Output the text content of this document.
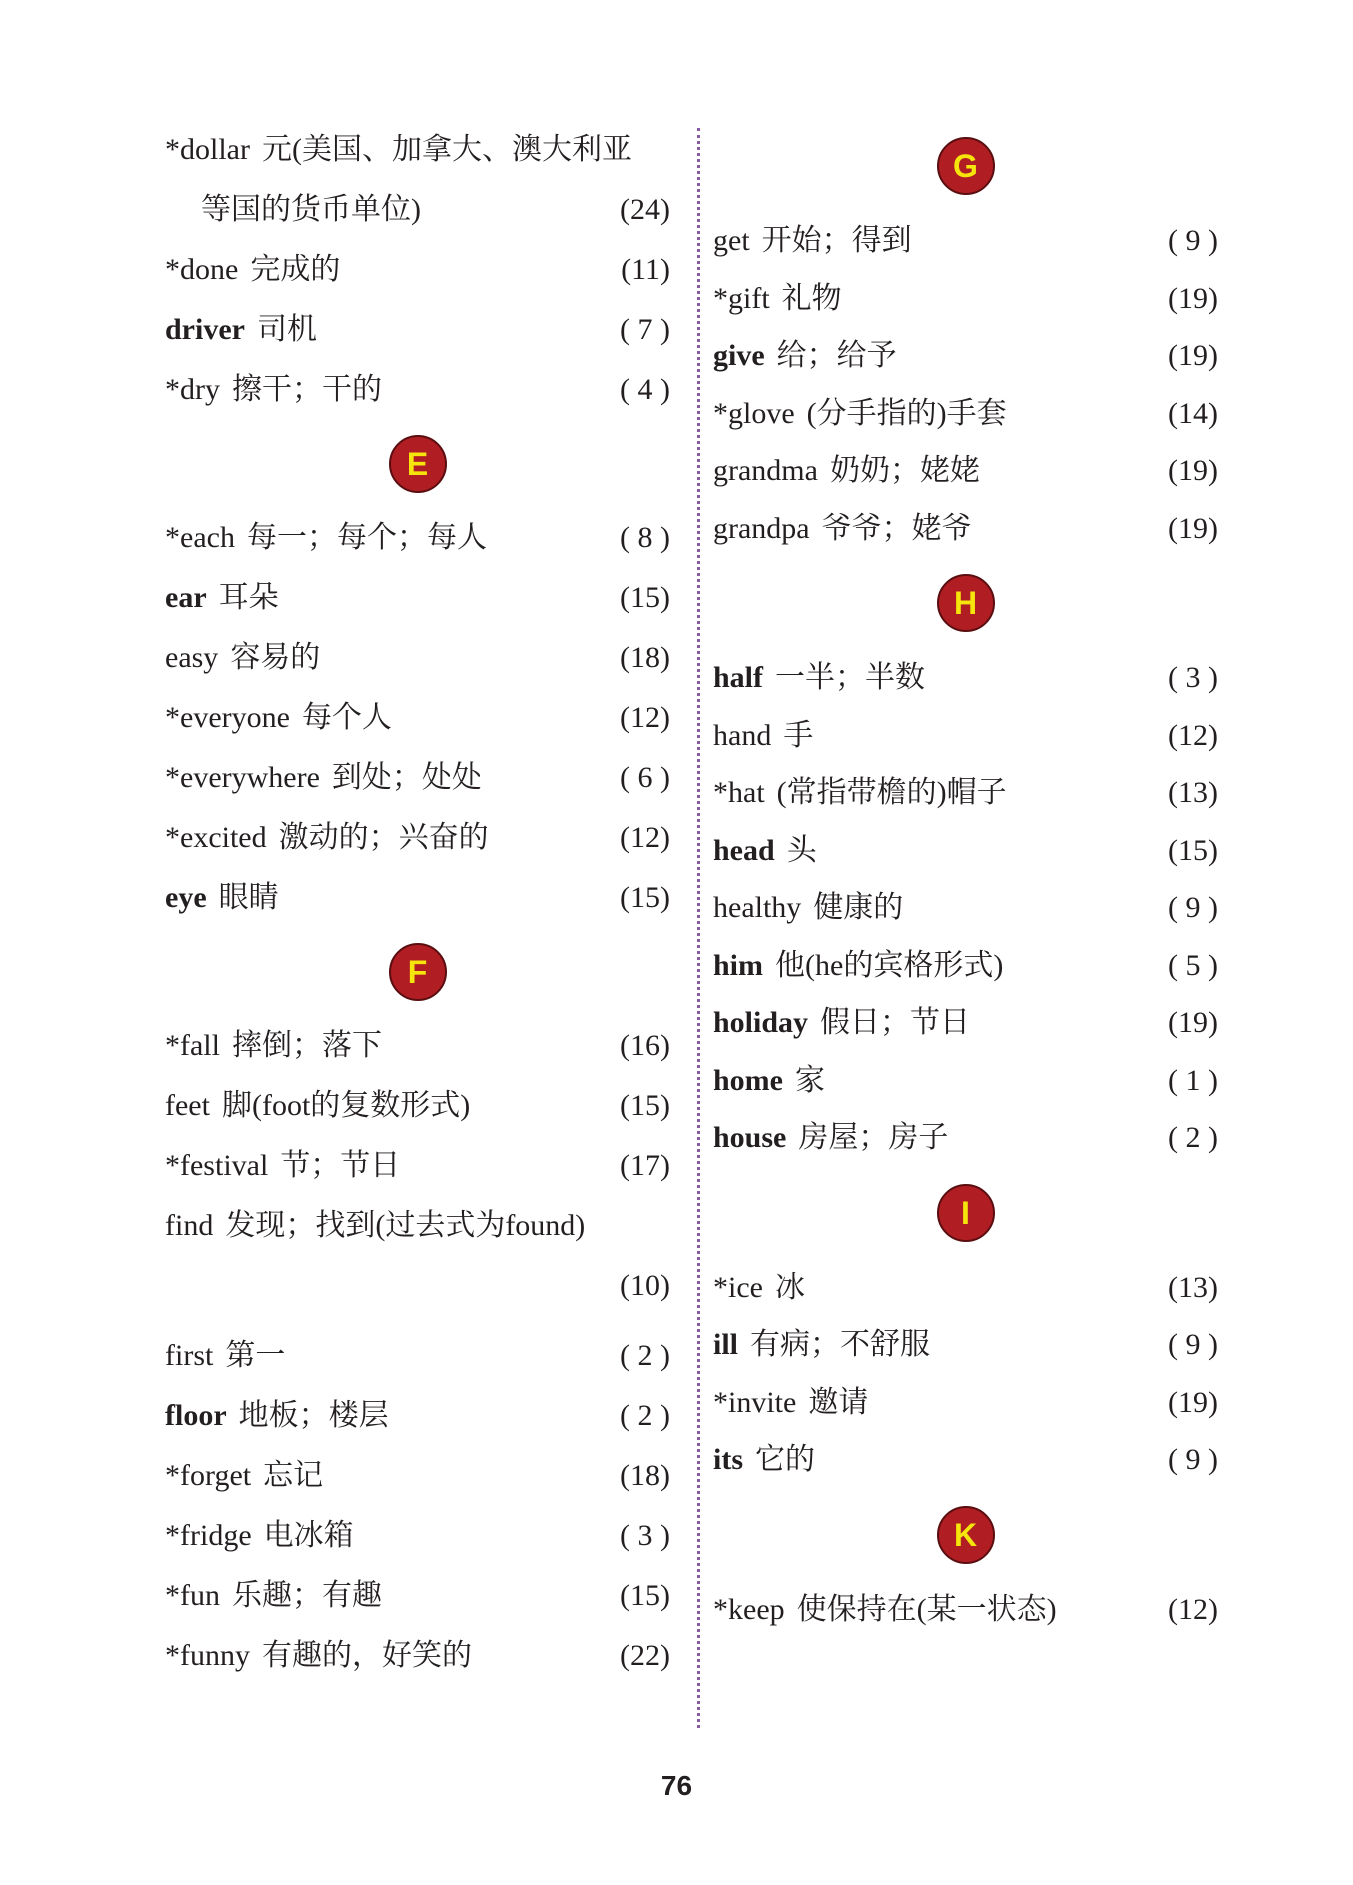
*dollar 元(美国、加拿大、澳大利亚
等国的货币单位)	(24)
*done 完成的	(11)
driver 司机	( 7 )
*dry 擦干；干的	( 4 )
E
*each 每一；每个；每人	( 8 )
ear 耳朵	(15)
easy 容易的	(18)
*everyone 每个人	(12)
*everywhere 到处；处处	( 6 )
*excited 激动的；兴奋的	(12)
eye 眼睛	(15)
F
*fall 摔倒；落下	(16)
feet 脚(foot的复数形式)	(15)
*festival 节；节日	(17)
find 发现；找到(过去式为found)
(10)
first 第一	( 2 )
floor 地板；楼层	( 2 )
*forget 忘记	(18)
*fridge 电冰箱	( 3 )
*fun 乐趣；有趣	(15)
*funny 有趣的，好笑的	(22)
G
get 开始；得到	( 9 )
*gift 礼物	(19)
give 给；给予	(19)
*glove (分手指的)手套	(14)
grandma 奶奶；姥姥	(19)
grandpa 爷爷；姥爷	(19)
H
half 一半；半数	( 3 )
hand 手	(12)
*hat (常指带檐的)帽子	(13)
head 头	(15)
healthy 健康的	( 9 )
him 他(he的宾格形式)	( 5 )
holiday 假日；节日	(19)
home 家	( 1 )
house 房屋；房子	( 2 )
I
*ice 冰	(13)
ill 有病；不舒服	( 9 )
*invite 邀请	(19)
its 它的	( 9 )
K
*keep 使保持在(某一状态)	(12)
76
